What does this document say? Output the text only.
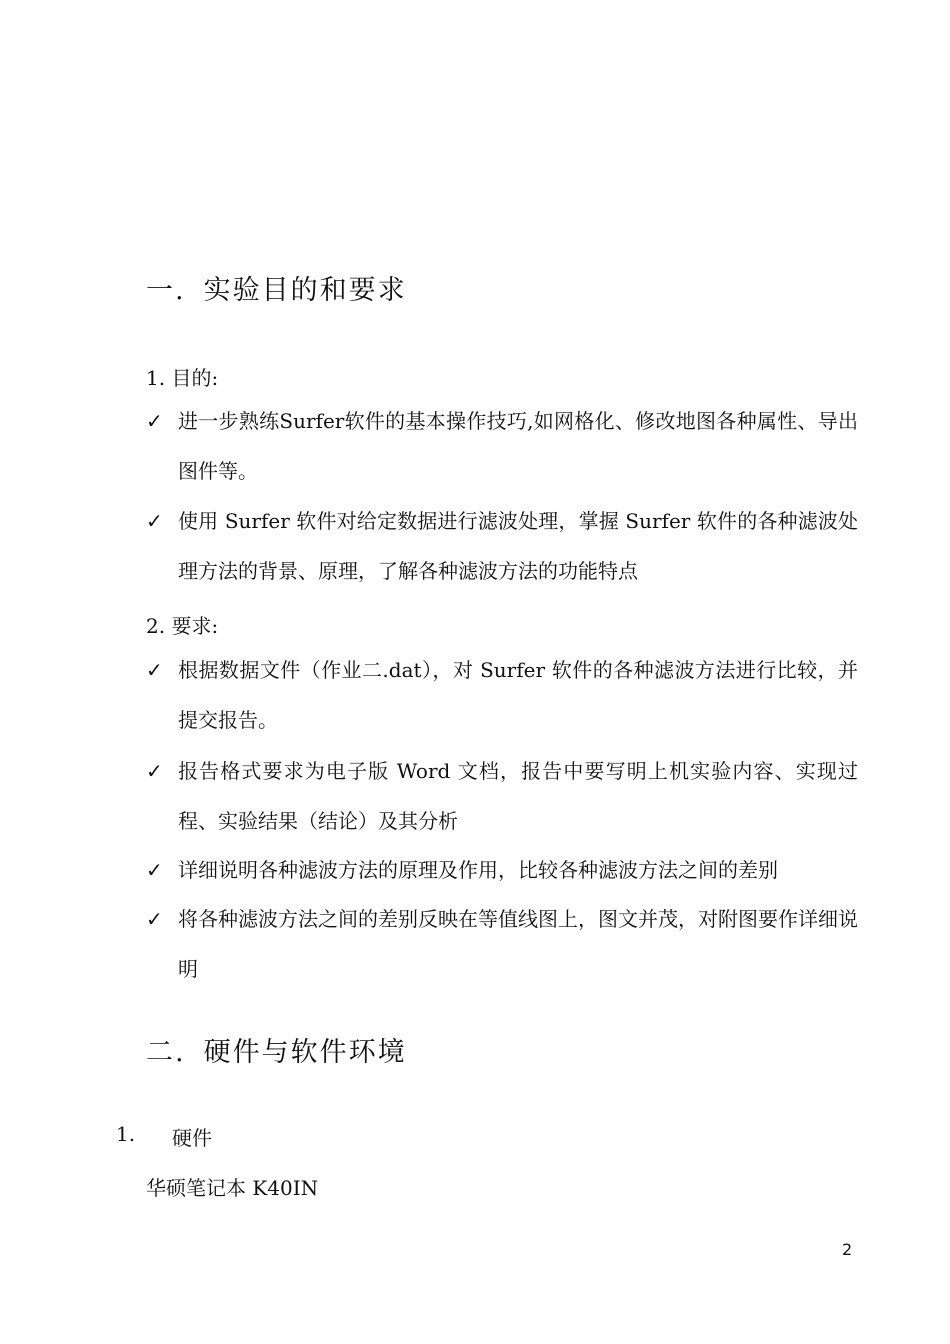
一. 实验目的和要求
1. 目的:
✓ 进一步熟练Surfer软件的基本操作技巧,如网格化、修改地图各种属性、导出图件等。
✓ 使用 Surfer 软件对给定数据进行滤波处理，掌握 Surfer 软件的各种滤波处理方法的背景、原理，了解各种滤波方法的功能特点
2. 要求:
✓ 根据数据文件（作业二.dat），对 Surfer 软件的各种滤波方法进行比较，并提交报告。
✓ 报告格式要求为电子版 Word 文档，报告中要写明上机实验内容、实现过程、实验结果（结论）及其分析
✓ 详细说明各种滤波方法的原理及作用，比较各种滤波方法之间的差别
✓ 将各种滤波方法之间的差别反映在等值线图上，图文并茂，对附图要作详细说明
二. 硬件与软件环境
1. 硬件
华硕笔记本 K40IN
2
